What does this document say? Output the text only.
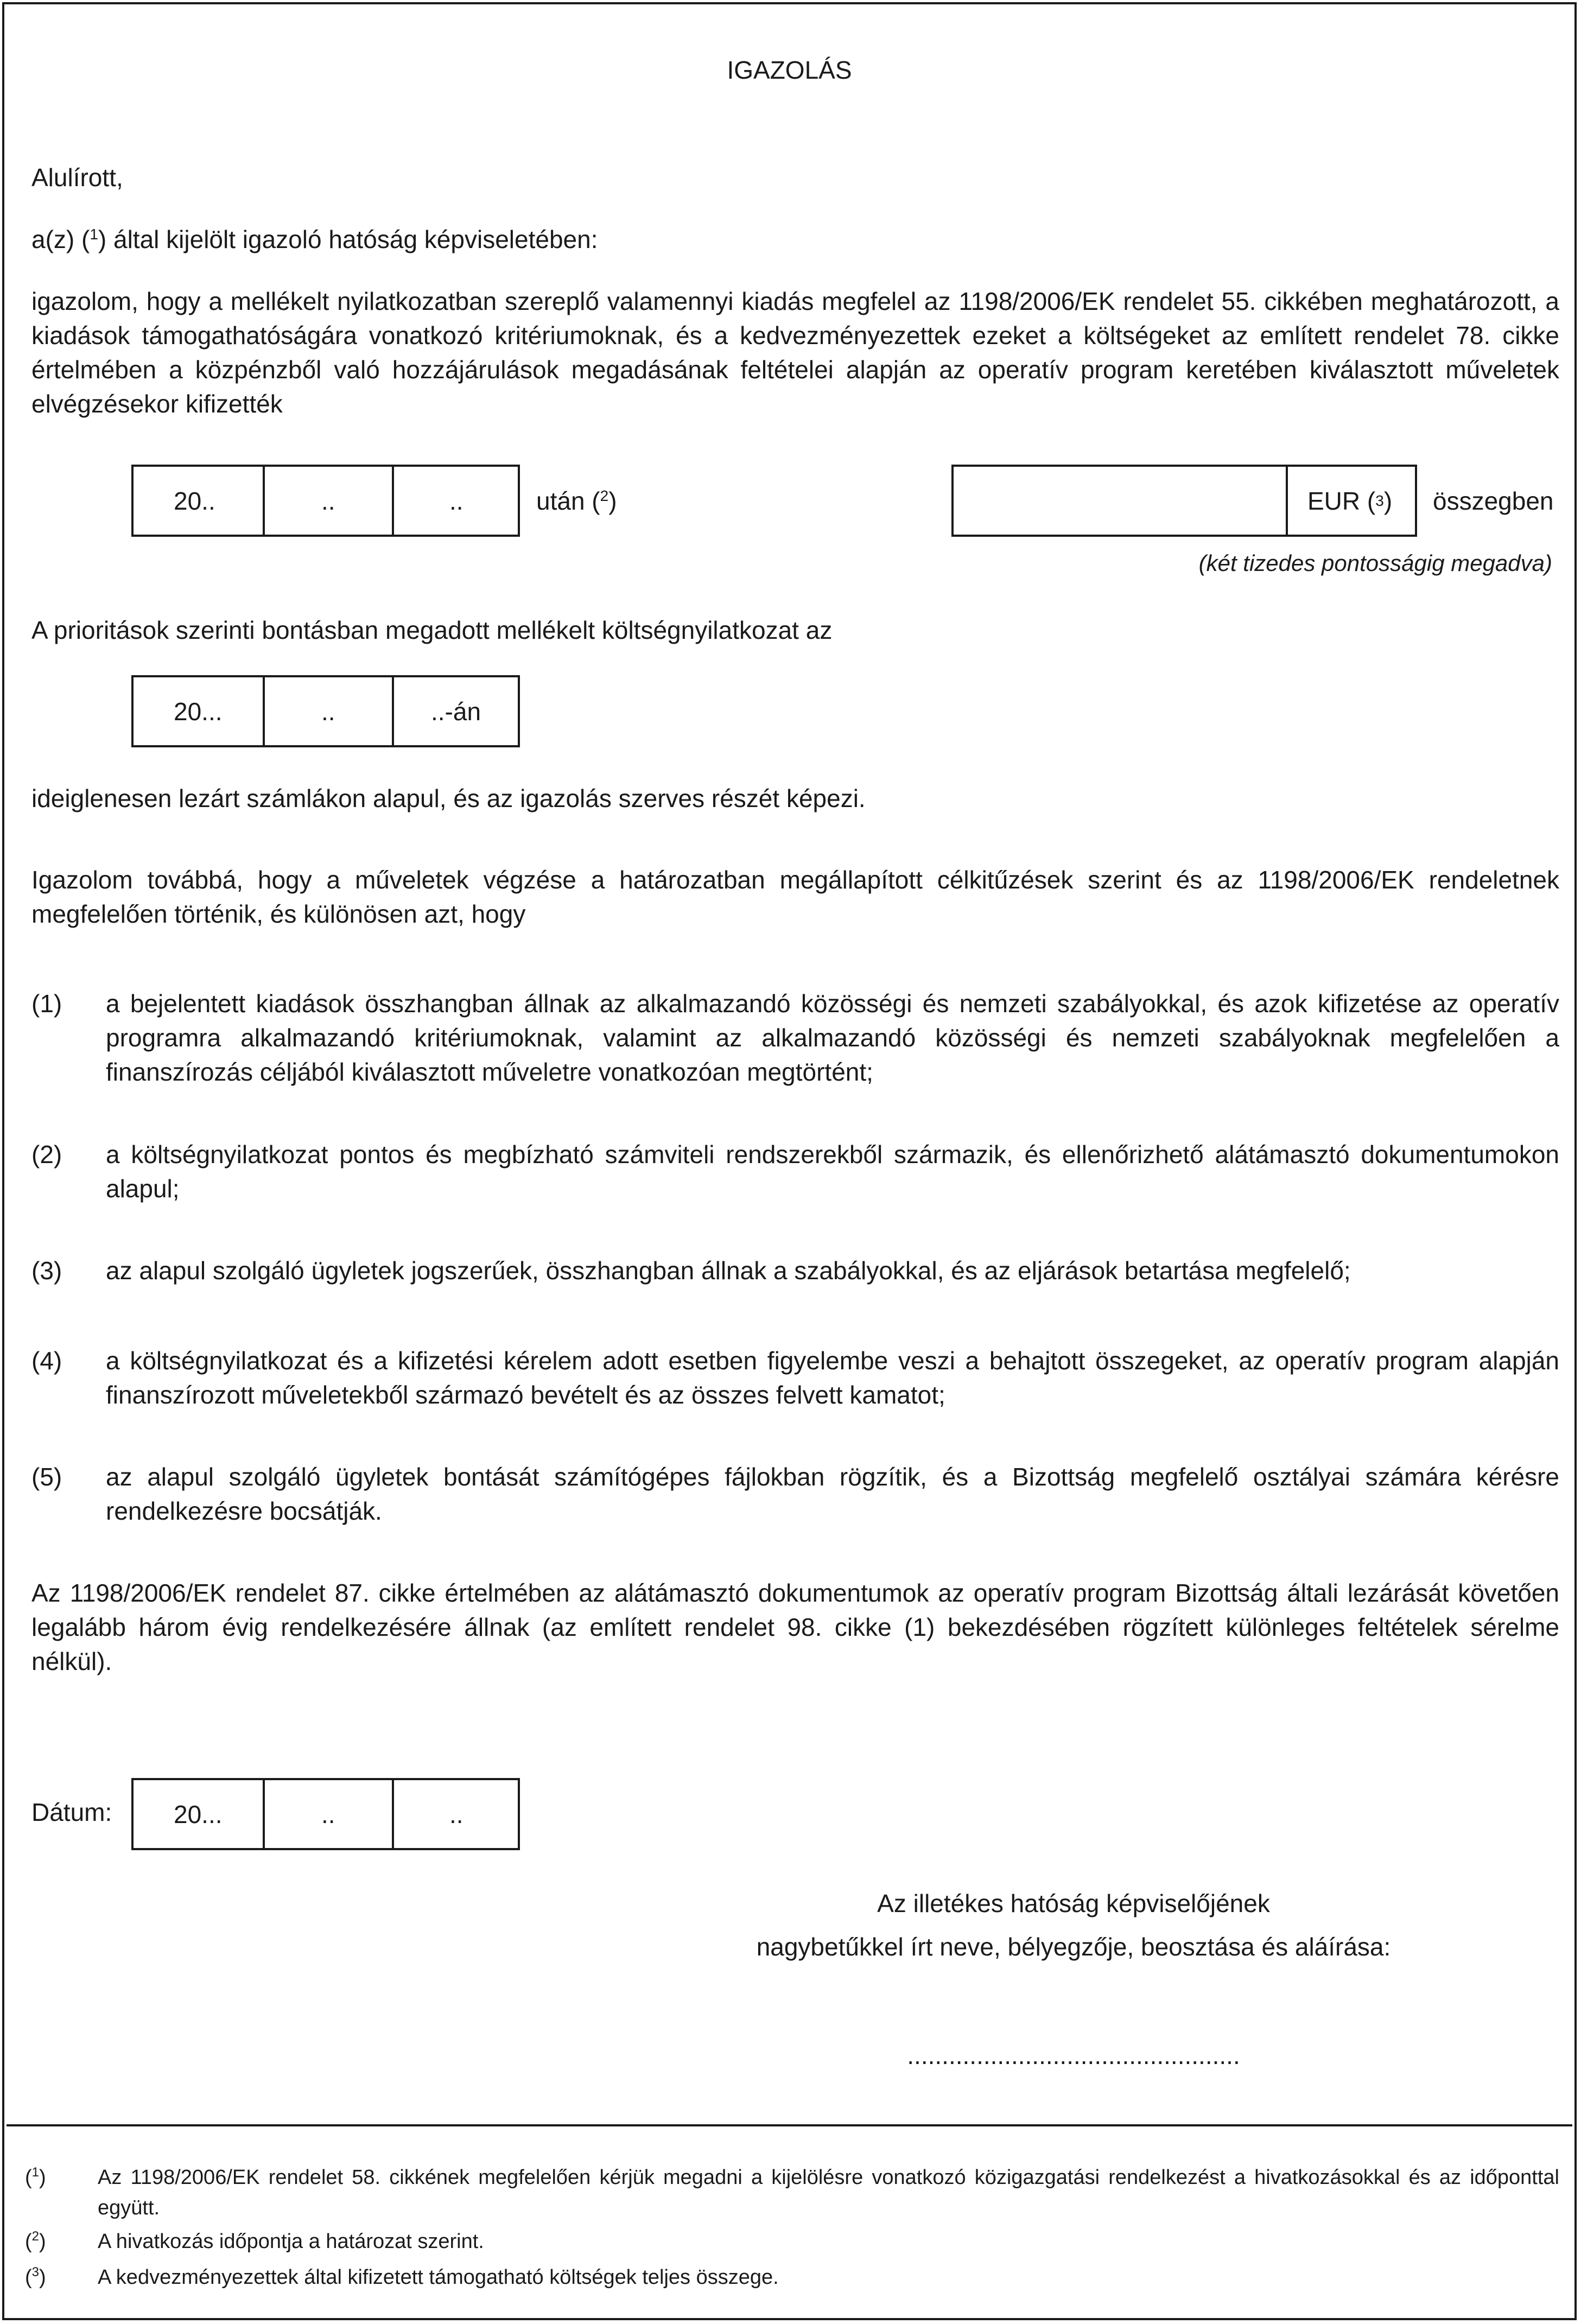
IGAZOLÁS
Alulírott,
a(z) ($^1$) által kijelölt igazoló hatóság képviseletében:
igazolom, hogy a mellékelt nyilatkozatban szereplő valamennyi kiadás megfelel az 1198/2006/EK rendelet 55. cikkében meghatározott, a kiadások támogathatóságára vonatkozó kritériumoknak, és a kedvezményezettek ezeket a költségeket az említett rendelet 78. cikke értelmében a közpénzből való hozzájárulások megadásának feltételei alapján az operatív program keretében kiválasztott műveletek elvégzésekor kifizették
20..	..	..	után ($^2$)	EUR ( 3 ) összegben
(két tizedes pontosságig megadva)
A prioritások szerinti bontásban megadott mellékelt költségnyilatkozat az
20...	..	..-án
ideiglenesen lezárt számlákon alapul, és az igazolás szerves részét képezi.
Igazolom továbbá, hogy a műveletek végzése a határozatban megállapított célkitűzések szerint és az 1198/2006/EK rendeletnek megfelelően történik, és különösen azt, hogy
(1) a bejelentett kiadások összhangban állnak az alkalmazandó közösségi és nemzeti szabályokkal, és azok kifizetése az operatív programra alkalmazandó kritériumoknak, valamint az alkalmazandó közösségi és nemzeti szabályoknak megfelelően a finanszírozás céljából kiválasztott műveletre vonatkozóan megtörtént;
(2) a költségnyilatkozat pontos és megbízható számviteli rendszerekből származik, és ellenőrizhető alátámasztó dokumentumokon alapul;
(3) az alapul szolgáló ügyletek jogszerűek, összhangban állnak a szabályokkal, és az eljárások betartása megfelelő;
(4) a költségnyilatkozat és a kifizetési kérelem adott esetben figyelembe veszi a behajtott összegeket, az operatív program alapján finanszírozott műveletekből származó bevételt és az összes felvett kamatot;
(5) az alapul szolgáló ügyletek bontását számítógépes fájlokban rögzítik, és a Bizottság megfelelő osztályai számára kérésre rendelkezésre bocsátják.
Az 1198/2006/EK rendelet 87. cikke értelmében az alátámasztó dokumentumok az operatív program Bizottság általi lezárását követően legalább három évig rendelkezésére állnak (az említett rendelet 98. cikke (1) bekezdésében rögzített különleges feltételek sérelme nélkül).
Dátum:	20...	..	..
Az illetékes hatóság képviselőjének
nagybetűkkel írt neve, bélyegzője, beosztása és aláírása:
................................................
($^1$)	Az 1198/2006/EK rendelet 58. cikkének megfelelően kérjük megadni a kijelölésre vonatkozó közigazgatási rendelkezést a hivatkozásokkal és az időponttal együtt.
($^2$)	A hivatkozás időpontja a határozat szerint.
($^3$)	A kedvezményezettek által kifizetett támogatható költségek teljes összege.
